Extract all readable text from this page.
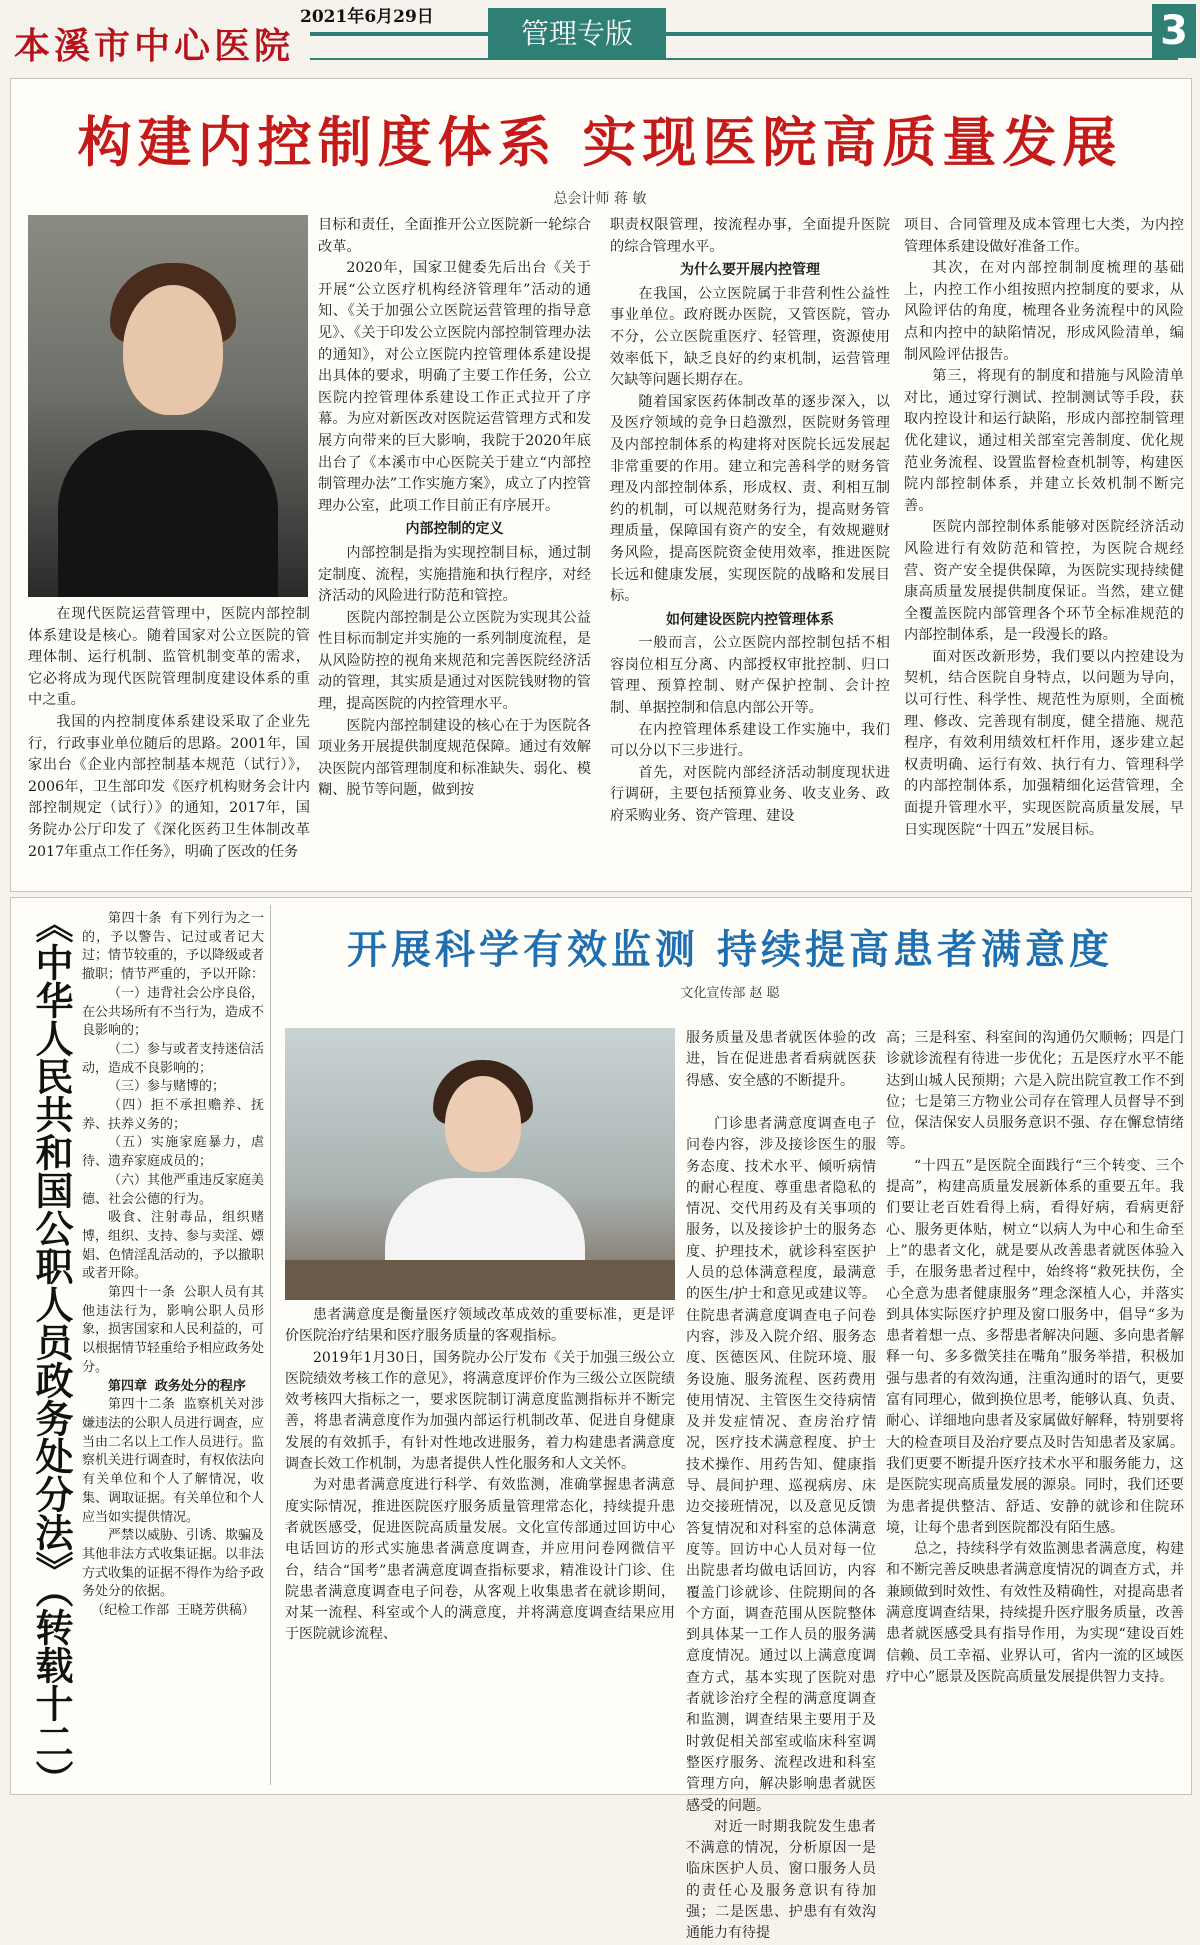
本溪市中心医院
2021年6月29日	管理专版	3
构建内控制度体系 实现医院高质量发展
总会计师 蒋 敏

在现代医院运营管理中，医院内部控制体系建设是核心。随着国家对公立医院的管理体制、运行机制、监管机制变革的需求，它必将成为现代医院管理制度建设体系的重中之重。

我国的内控制度体系建设采取了企业先行，行政事业单位随后的思路。2001年，国家出台《企业内部控制基本规范（试行）》，2006年，卫生部印发《医疗机构财务会计内部控制规定（试行）》的通知，2017年，国务院办公厅印发了《深化医药卫生体制改革2017年重点工作任务》，明确了医改的任务

目标和责任，全面推开公立医院新一轮综合改革。

2020年，国家卫健委先后出台《关于开展“公立医疗机构经济管理年”活动的通知、《关于加强公立医院运营管理的指导意见》、《关于印发公立医院内部控制管理办法的通知》，对公立医院内控管理体系建设提出具体的要求，明确了主要工作任务，公立医院内控管理体系建设工作正式拉开了序幕。为应对新医改对医院运营管理方式和发展方向带来的巨大影响，我院于2020年底出台了《本溪市中心医院关于建立“内部控制管理办法”工作实施方案》，成立了内控管理办公室，此项工作目前正有序展开。

内部控制的定义

内部控制是指为实现控制目标，通过制定制度、流程，实施措施和执行程序，对经济活动的风险进行防范和管控。

医院内部控制是公立医院为实现其公益性目标而制定并实施的一系列制度流程，是从风险防控的视角来规范和完善医院经济活动的管理，其实质是通过对医院钱财物的管理，提高医院的内控管理水平。

医院内部控制建设的核心在于为医院各项业务开展提供制度规范保障。通过有效解决医院内部管理制度和标准缺失、弱化、模糊、脱节等问题，做到按

职责权限管理，按流程办事，全面提升医院的综合管理水平。

为什么要开展内控管理

在我国，公立医院属于非营利性公益性事业单位。政府既办医院，又管医院，管办不分，公立医院重医疗、轻管理，资源使用效率低下，缺乏良好的约束机制，运营管理欠缺等问题长期存在。

随着国家医药体制改革的逐步深入，以及医疗领域的竞争日趋激烈，医院财务管理及内部控制体系的构建将对医院长远发展起非常重要的作用。建立和完善科学的财务管理及内部控制体系，形成权、责、利相互制约的机制，可以规范财务行为，提高财务管理质量，保障国有资产的安全，有效规避财务风险，提高医院资金使用效率，推进医院长远和健康发展，实现医院的战略和发展目标。

如何建设医院内控管理体系

一般而言，公立医院内部控制包括不相容岗位相互分离、内部授权审批控制、归口管理、预算控制、财产保护控制、会计控制、单据控制和信息内部公开等。

在内控管理体系建设工作实施中，我们可以分以下三步进行。

首先，对医院内部经济活动制度现状进行调研，主要包括预算业务、收支业务、政府采购业务、资产管理、建设

项目、合同管理及成本管理七大类，为内控管理体系建设做好准备工作。

其次，在对内部控制制度梳理的基础上，内控工作小组按照内控制度的要求，从风险评估的角度，梳理各业务流程中的风险点和内控中的缺陷情况，形成风险清单，编制风险评估报告。

第三，将现有的制度和措施与风险清单对比，通过穿行测试、控制测试等手段，获取内控设计和运行缺陷，形成内部控制管理优化建议，通过相关部室完善制度、优化规范业务流程、设置监督检查机制等，构建医院内部控制体系，并建立长效机制不断完善。

医院内部控制体系能够对医院经济活动风险进行有效防范和管控，为医院合规经营、资产安全提供保障，为医院实现持续健康高质量发展提供制度保证。当然，建立健全覆盖医院内部管理各个环节全标准规范的内部控制体系，是一段漫长的路。

面对医改新形势，我们要以内控建设为契机，结合医院自身特点，以问题为导向，以可行性、科学性、规范性为原则，全面梳理、修改、完善现有制度，健全措施、规范程序，有效利用绩效杠杆作用，逐步建立起权责明确、运行有效、执行有力、管理科学的内部控制体系，加强精细化运营管理，全面提升管理水平，实现医院高质量发展，早日实现医院“十四五”发展目标。

《中华人民共和国公职人员政务处分法》（转载十二）	第四十条 有下列行为之一的，予以警告、记过或者记大过；情节较重的，予以降级或者撤职；情节严重的，予以开除：

（一）违背社会公序良俗，在公共场所有不当行为，造成不良影响的；

（二）参与或者支持迷信活动，造成不良影响的；

（三）参与赌博的；

（四）拒不承担赡养、抚养、扶养义务的；

（五）实施家庭暴力，虐待、遗弃家庭成员的；

（六）其他严重违反家庭美德、社会公德的行为。

吸食、注射毒品，组织赌博，组织、支持、参与卖淫、嫖娼、色情淫乱活动的，予以撤职或者开除。

第四十一条 公职人员有其他违法行为，影响公职人员形象，损害国家和人民利益的，可以根据情节轻重给予相应政务处分。

第四章 政务处分的程序

第四十二条 监察机关对涉嫌违法的公职人员进行调查，应当由二名以上工作人员进行。监察机关进行调查时，有权依法向有关单位和个人了解情况，收集、调取证据。有关单位和个人应当如实提供情况。

严禁以威胁、引诱、欺骗及其他非法方式收集证据。以非法方式收集的证据不得作为给予政务处分的依据。

（纪检工作部 王晓芳供稿）

开展科学有效监测 持续提高患者满意度
文化宣传部 赵 聪

患者满意度是衡量医疗领域改革成效的重要标准，更是评价医院治疗结果和医疗服务质量的客观指标。

2019年1月30日，国务院办公厅发布《关于加强三级公立医院绩效考核工作的意见》，将满意度评价作为三级公立医院绩效考核四大指标之一，要求医院制订满意度监测指标并不断完善，将患者满意度作为加强内部运行机制改革、促进自身健康发展的有效抓手，有针对性地改进服务，着力构建患者满意度调查长效工作机制，为患者提供人性化服务和人文关怀。

为对患者满意度进行科学、有效监测，准确掌握患者满意度实际情况，推进医院医疗服务质量管理常态化，持续提升患者就医感受，促进医院高质量发展。文化宣传部通过回访中心电话回访的形式实施患者满意度调查，并应用问卷网微信平台，结合“国考”患者满意度调查指标要求，精准设计门诊、住院患者满意度调查电子问卷，从客观上收集患者在就诊期间，对某一流程、科室或个人的满意度，并将满意度调查结果应用于医院就诊流程、

服务质量及患者就医体验的改进，旨在促进患者看病就医获得感、安全感的不断提升。

门诊患者满意度调查电子问卷内容，涉及接诊医生的服务态度、技术水平、倾听病情的耐心程度、尊重患者隐私的情况、交代用药及有关事项的服务，以及接诊护士的服务态度、护理技术，就诊科室医护人员的总体满意程度，最满意的医生/护士和意见或建议等。住院患者满意度调查电子问卷内容，涉及入院介绍、服务态度、医德医风、住院环境、服务设施、服务流程、医药费用使用情况、主管医生交待病情及并发症情况、查房治疗情况，医疗技术满意程度、护士技术操作、用药告知、健康指导、晨间护理、巡视病房、床边交接班情况，以及意见反馈答复情况和对科室的总体满意度等。回访中心人员对每一位出院患者均做电话回访，内容覆盖门诊就诊、住院期间的各个方面，调查范围从医院整体到具体某一工作人员的服务满意度情况。通过以上满意度调查方式，基本实现了医院对患者就诊治疗全程的满意度调查和监测，调查结果主要用于及时敦促相关部室或临床科室调整医疗服务、流程改进和科室管理方向，解决影响患者就医感受的问题。

对近一时期我院发生患者不满意的情况，分析原因一是临床医护人员、窗口服务人员的责任心及服务意识有待加强；二是医患、护患有有效沟通能力有待提

高；三是科室、科室间的沟通仍欠顺畅；四是门诊就诊流程有待进一步优化；五是医疗水平不能达到山城人民预期；六是入院出院宣教工作不到位；七是第三方物业公司存在管理人员督导不到位，保洁保安人员服务意识不强、存在懈怠情绪等。

“十四五”是医院全面践行“三个转变、三个提高”，构建高质量发展新体系的重要五年。我们要让老百姓看得上病，看得好病，看病更舒心、服务更体贴，树立“以病人为中心和生命至上”的患者文化，就是要从改善患者就医体验入手，在服务患者过程中，始终将“救死扶伤，全心全意为患者健康服务”理念深植人心，并落实到具体实际医疗护理及窗口服务中，倡导“多为患者着想一点、多帮患者解决问题、多向患者解释一句、多多微笑挂在嘴角”服务举措，积极加强与患者的有效沟通，注重沟通时的语气，更要富有同理心，做到换位思考，能够认真、负责、耐心、详细地向患者及家属做好解释，特别要将大的检查项目及治疗要点及时告知患者及家属。我们更要不断提升医疗技术水平和服务能力，这是医院实现高质量发展的源泉。同时，我们还要为患者提供整洁、舒适、安静的就诊和住院环境，让每个患者到医院都没有陌生感。

总之，持续科学有效监测患者满意度，构建和不断完善反映患者满意度情况的调查方式，并兼顾做到时效性、有效性及精确性，对提高患者满意度调查结果，持续提升医疗服务质量，改善患者就医感受具有指导作用，为实现“建设百姓信赖、员工幸福、业界认可，省内一流的区域医疗中心”愿景及医院高质量发展提供智力支持。
